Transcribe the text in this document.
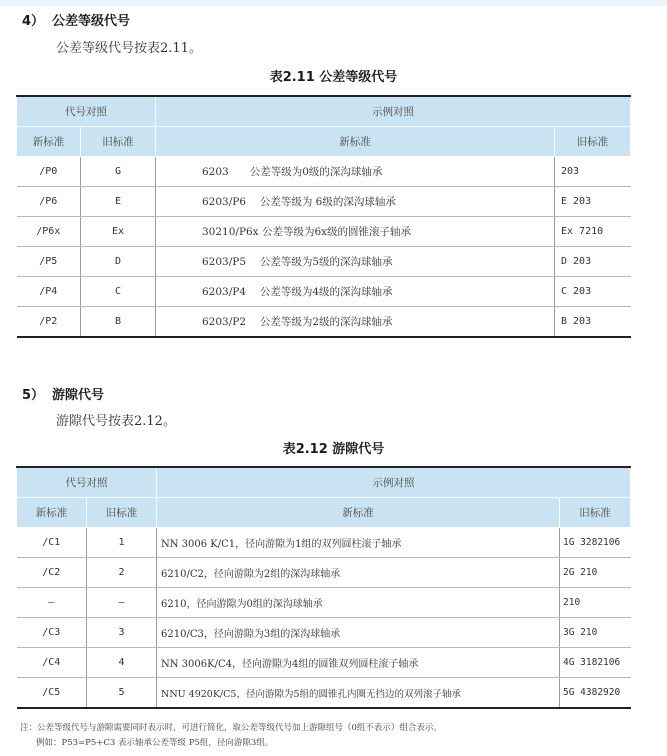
4） 公差等级代号
公差等级代号按表2.11。
表2.11 公差等级代号
代号对照		示例对照	
新标准	旧标准	新标准	旧标准
/P0	G	6203　　公差等级为0级的深沟球轴承	203
/P6	E	6203/P6　 公差等级为 6级的深沟球轴承	E 203
/P6x	Ex	30210/P6x 公差等级为6x级的圆锥滚子轴承	Ex 7210
/P5	D	6203/P5　 公差等级为5级的深沟球轴承	D 203
/P4	C	6203/P4　 公差等级为4级的深沟球轴承	C 203
/P2	B	6203/P2　 公差等级为2级的深沟球轴承	B 203
5） 游隙代号
游隙代号按表2.12。
表2.12 游隙代号
代号对照		示例对照	
新标准	旧标准	新标准	旧标准
/C1	1	NN 3006 K/C1，径向游隙为1组的双列圆柱滚子轴承	1G 3282106
/C2	2	6210/C2，径向游隙为2组的深沟球轴承	2G 210
—	—	6210，径向游隙为0组的深沟球轴承	210
/C3	3	6210/C3，径向游隙为3组的深沟球轴承	3G 210
/C4	4	NN 3006K/C4，径向游隙为4组的圆锥双列圆柱滚子轴承	4G 3182106
/C5	5	NNU 4920K/C5，径向游隙为5组的圆锥孔内圈无挡边的双列滚子轴承	5G 4382920
注：公差等级代号与游隙需要同时表示时，可进行简化，取公差等级代号加上游隙组号（0组不表示）组合表示。
例如：P53=P5+C3 表示轴承公差等级 P5组，径向游隙3组。
